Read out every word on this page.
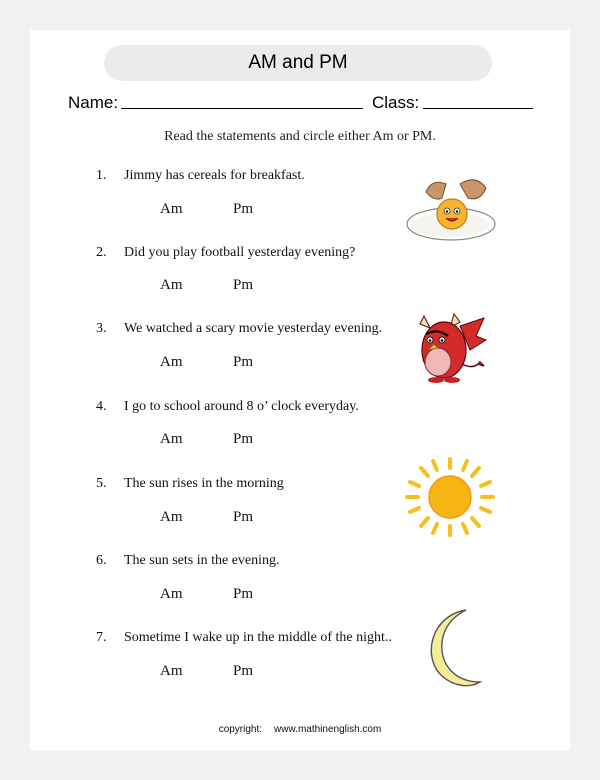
AM and PM
Name:	Class:
Read the statements and circle either Am or PM.
1. Jimmy has cereals for breakfast.
Am	Pm
2. Did you play football yesterday evening?
Am	Pm
3. We watched a scary movie yesterday evening.
Am	Pm
4. I go to school around 8 o’ clock everyday.
Am	Pm
5. The sun rises in the morning
Am	Pm
6. The sun sets in the evening.
Am	Pm
7. Sometime I wake up in the middle of the night..
Am	Pm
copyright: www.mathinenglish.com
